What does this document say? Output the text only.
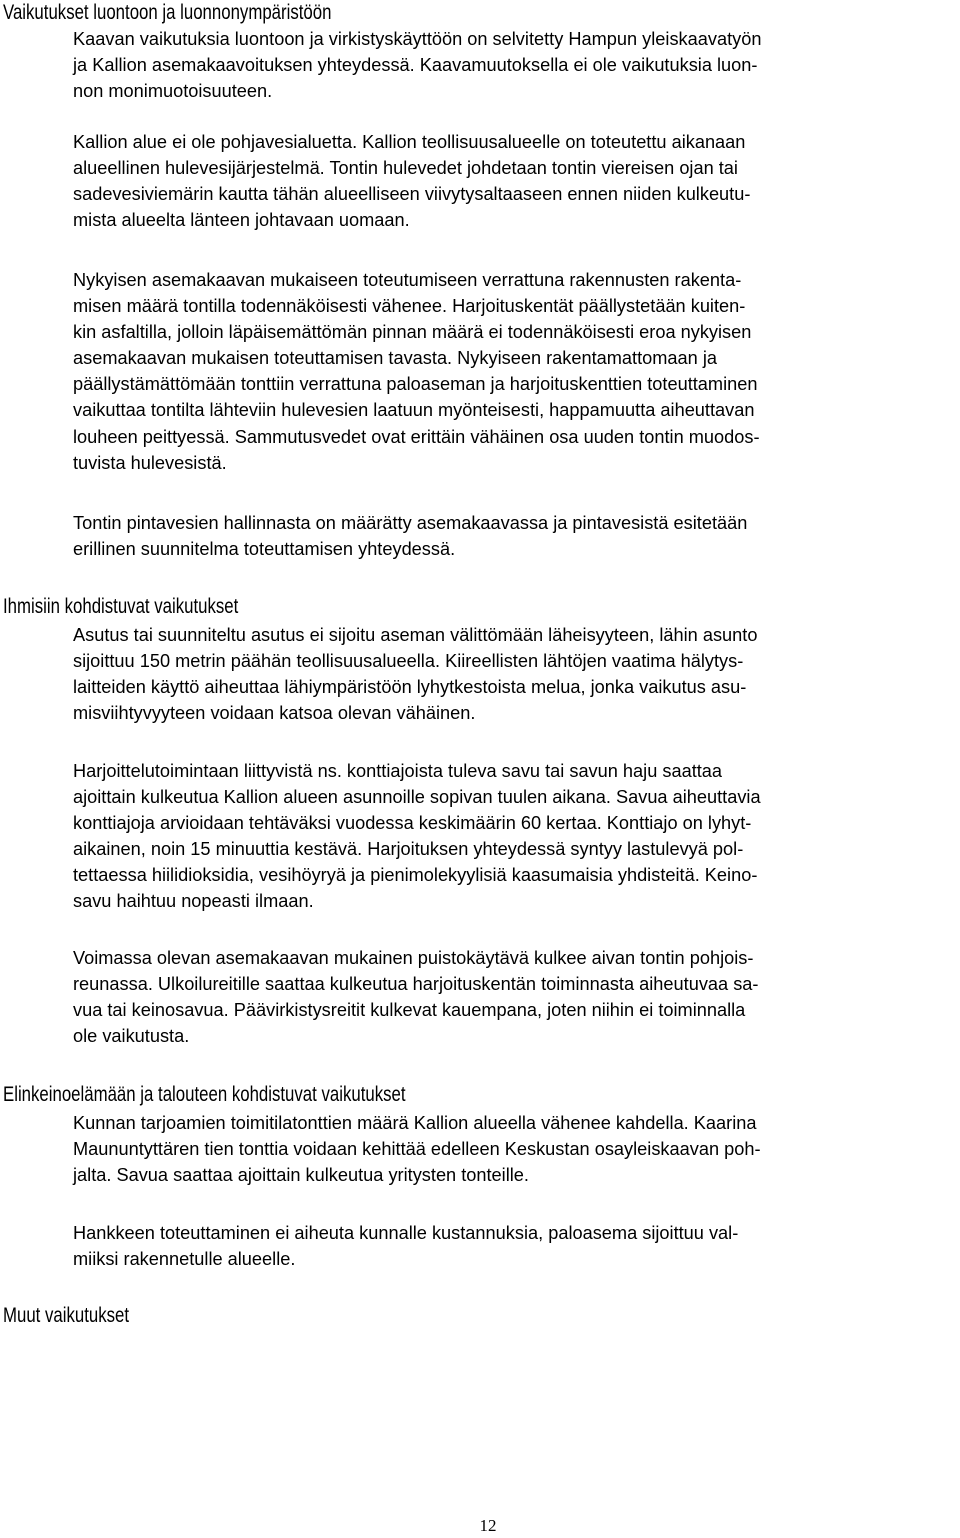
Vaikutukset luontoon ja luonnonympäristöön

Kaavan vaikutuksia luontoon ja virkistyskäyttöön on selvitetty Hampun yleiskaavatyön
ja Kallion asemakaavoituksen yhteydessä. Kaavamuutoksella ei ole vaikutuksia luon-
non monimuotoisuuteen.

Kallion alue ei ole pohjavesialuetta. Kallion teollisuusalueelle on toteutettu aikanaan
alueellinen hulevesijärjestelmä. Tontin hulevedet johdetaan tontin viereisen ojan tai
sadevesiviemärin kautta tähän alueelliseen viivytysaltaaseen ennen niiden kulkeutu-
mista alueelta länteen johtavaan uomaan.

Nykyisen asemakaavan mukaiseen toteutumiseen verrattuna rakennusten rakenta-
misen määrä tontilla todennäköisesti vähenee. Harjoituskentät päällystetään kuiten-
kin asfaltilla, jolloin läpäisemättömän pinnan määrä ei todennäköisesti eroa nykyisen
asemakaavan mukaisen toteuttamisen tavasta. Nykyiseen rakentamattomaan ja
päällystämättömään tonttiin verrattuna paloaseman ja harjoituskenttien toteuttaminen
vaikuttaa tontilta lähteviin hulevesien laatuun myönteisesti, happamuutta aiheuttavan
louheen peittyessä. Sammutusvedet ovat erittäin vähäinen osa uuden tontin muodos-
tuvista hulevesistä.

Tontin pintavesien hallinnasta on määrätty asemakaavassa ja pintavesistä esitetään
erillinen suunnitelma toteuttamisen yhteydessä.

Ihmisiin kohdistuvat vaikutukset

Asutus tai suunniteltu asutus ei sijoitu aseman välittömään läheisyyteen, lähin asunto
sijoittuu 150 metrin päähän teollisuusalueella. Kiireellisten lähtöjen vaatima hälytys-
laitteiden käyttö aiheuttaa lähiympäristöön lyhytkestoista melua, jonka vaikutus asu-
misviihtyvyyteen voidaan katsoa olevan vähäinen.

Harjoittelutoimintaan liittyvistä ns. konttiajoista tuleva savu tai savun haju saattaa
ajoittain kulkeutua Kallion alueen asunnoille sopivan tuulen aikana. Savua aiheuttavia
konttiajoja arvioidaan tehtäväksi vuodessa keskimäärin 60 kertaa. Konttiajo on lyhyt-
aikainen, noin 15 minuuttia kestävä. Harjoituksen yhteydessä syntyy lastulevyä pol-
tettaessa hiilidioksidia, vesihöyryä ja pienimolekyylisiä kaasumaisia yhdisteitä. Keino-
savu haihtuu nopeasti ilmaan.

Voimassa olevan asemakaavan mukainen puistokäytävä kulkee aivan tontin pohjois-
reunassa. Ulkoilureitille saattaa kulkeutua harjoituskentän toiminnasta aiheutuvaa sa-
vua tai keinosavua. Päävirkistysreitit kulkevat kauempana, joten niihin ei toiminnalla
ole vaikutusta.

Elinkeinoelämään ja talouteen kohdistuvat vaikutukset

Kunnan tarjoamien toimitilatonttien määrä Kallion alueella vähenee kahdella. Kaarina
Maununtyttären tien tonttia voidaan kehittää edelleen Keskustan osayleiskaavan poh-
jalta. Savua saattaa ajoittain kulkeutua yritysten tonteille.

Hankkeen toteuttaminen ei aiheuta kunnalle kustannuksia, paloasema sijoittuu val-
miiksi rakennetulle alueelle.

Muut vaikutukset

12
